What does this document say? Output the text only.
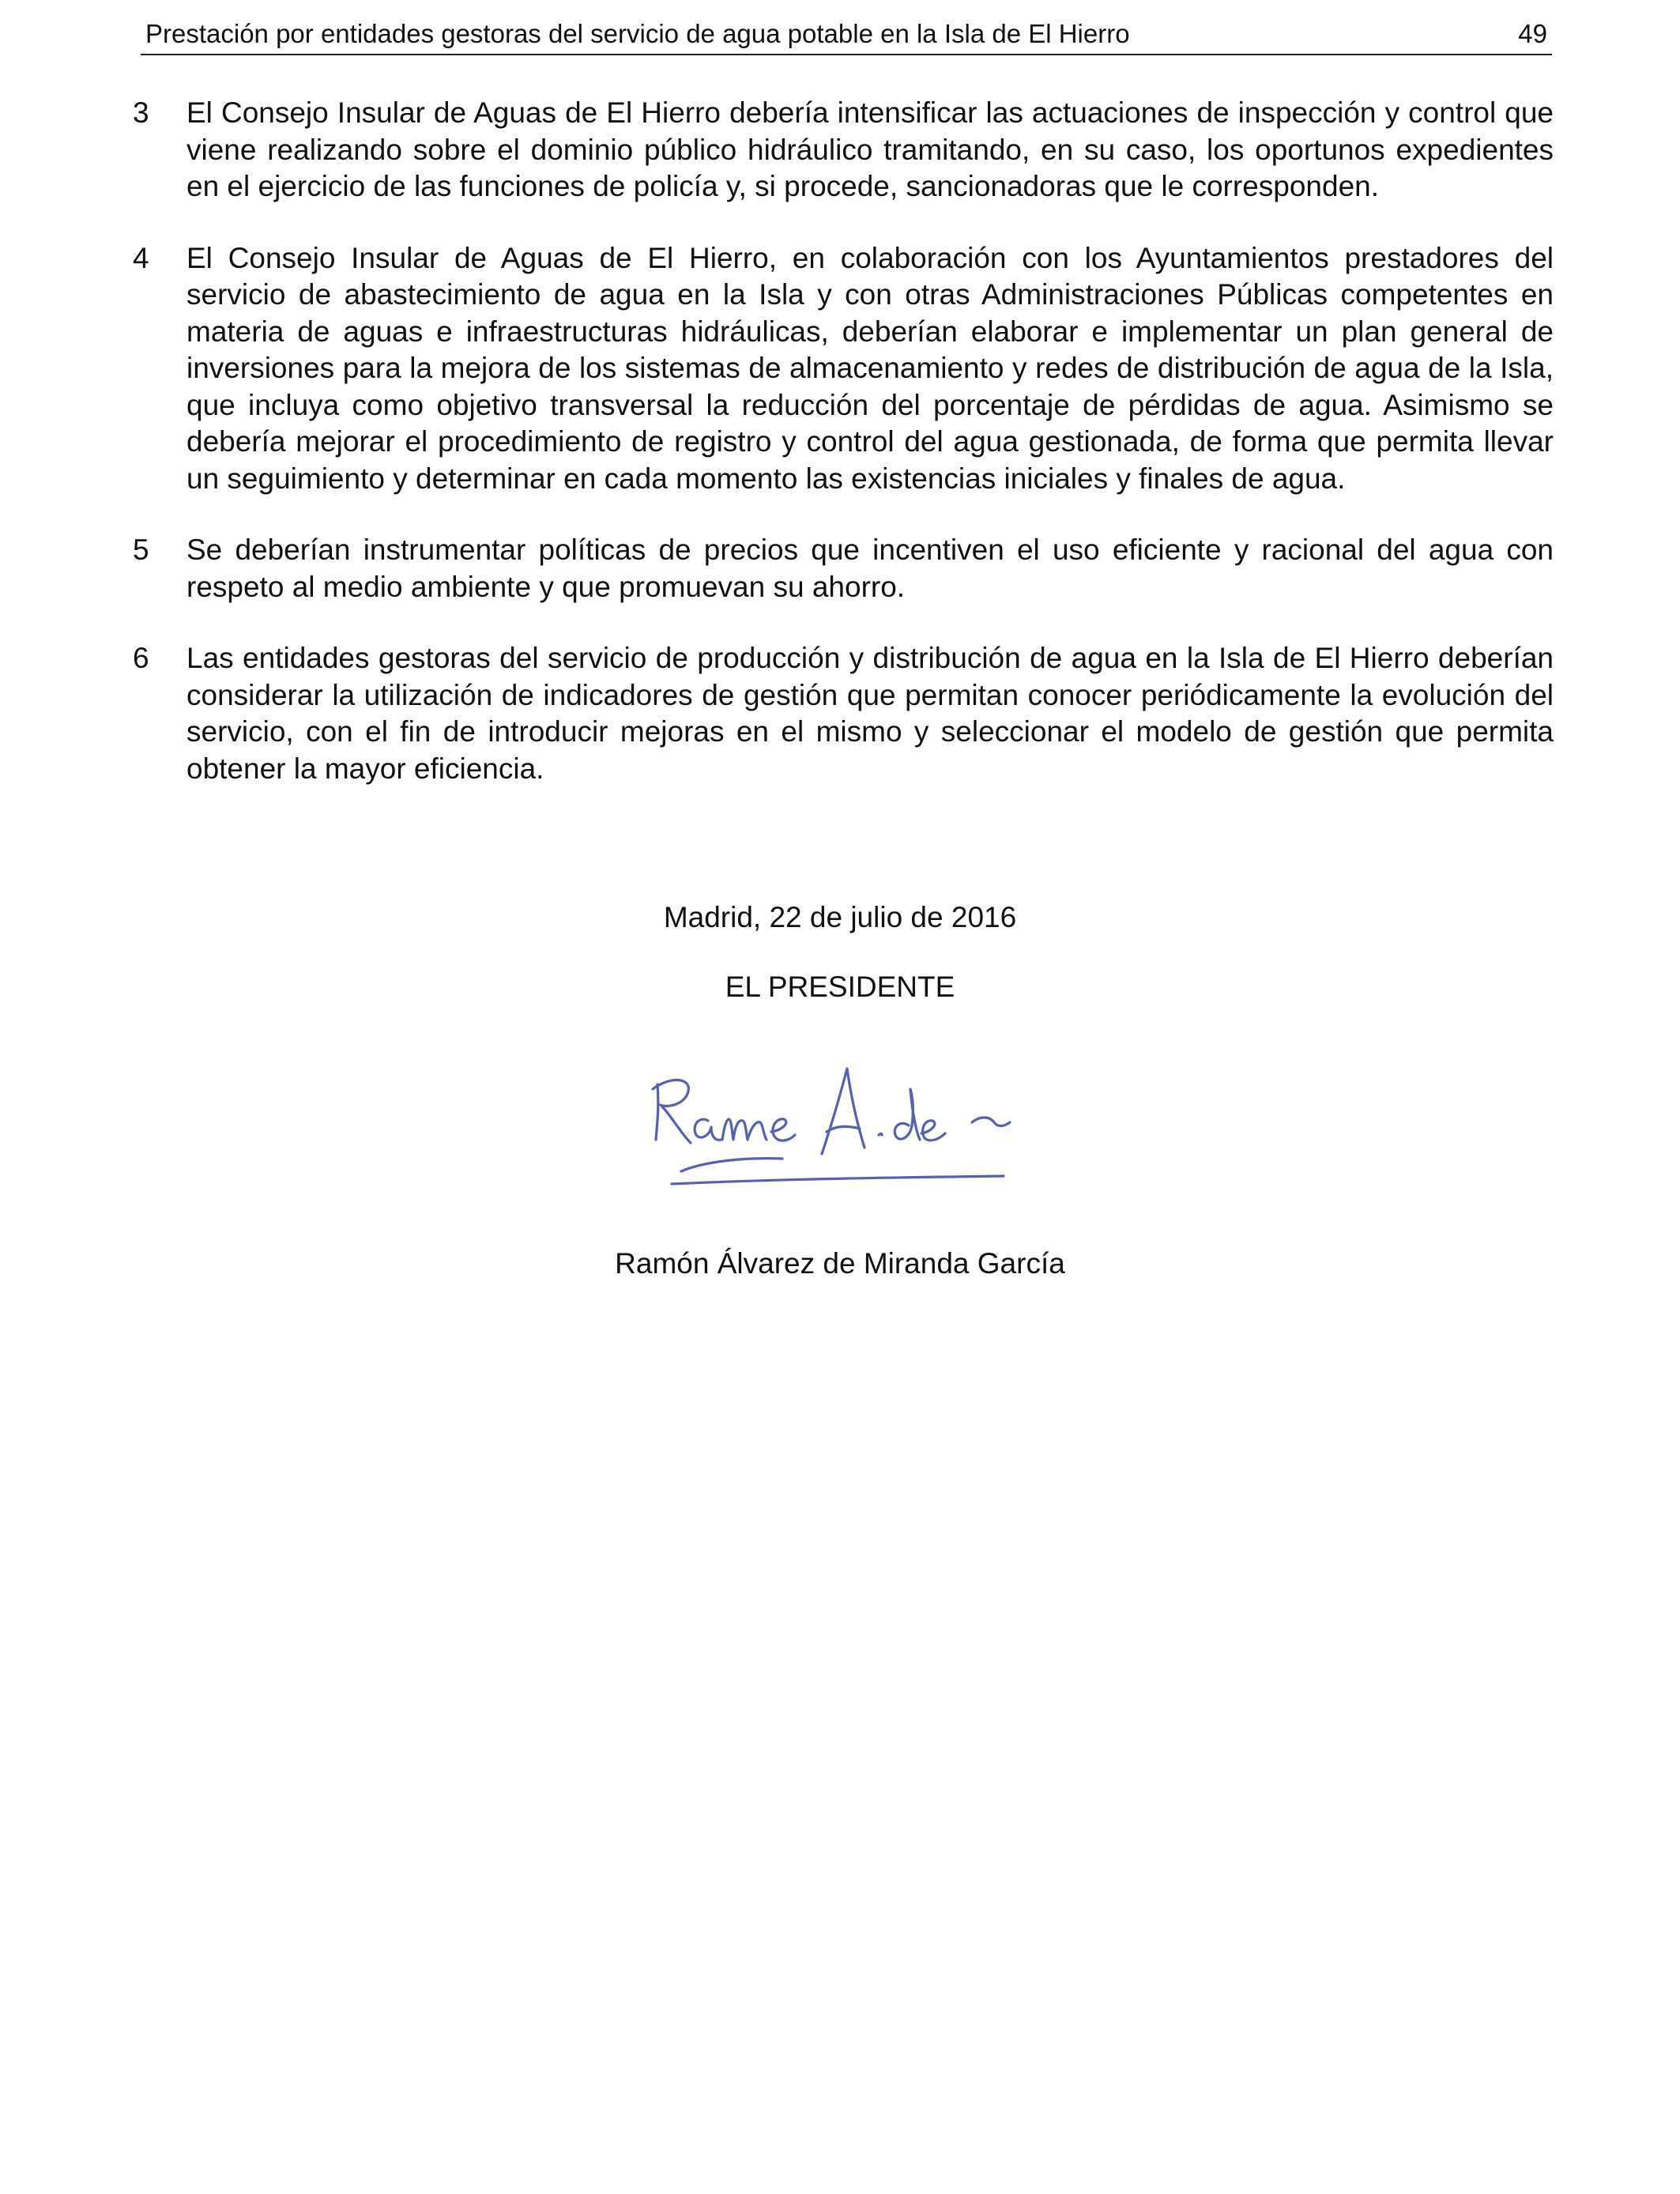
Prestación por entidades gestoras del servicio de agua potable en la Isla de El Hierro	49
3 El Consejo Insular de Aguas de El Hierro debería intensificar las actuaciones de inspección y control que viene realizando sobre el dominio público hidráulico tramitando, en su caso, los oportunos expedientes en el ejercicio de las funciones de policía y, si procede, sancionadoras que le corresponden.
4 El Consejo Insular de Aguas de El Hierro, en colaboración con los Ayuntamientos prestadores del servicio de abastecimiento de agua en la Isla y con otras Administraciones Públicas competentes en materia de aguas e infraestructuras hidráulicas, deberían elaborar e implementar un plan general de inversiones para la mejora de los sistemas de almacenamiento y redes de distribución de agua de la Isla, que incluya como objetivo transversal la reducción del porcentaje de pérdidas de agua. Asimismo se debería mejorar el procedimiento de registro y control del agua gestionada, de forma que permita llevar un seguimiento y determinar en cada momento las existencias iniciales y finales de agua.
5 Se deberían instrumentar políticas de precios que incentiven el uso eficiente y racional del agua con respeto al medio ambiente y que promuevan su ahorro.
6 Las entidades gestoras del servicio de producción y distribución de agua en la Isla de El Hierro deberían considerar la utilización de indicadores de gestión que permitan conocer periódicamente la evolución del servicio, con el fin de introducir mejoras en el mismo y seleccionar el modelo de gestión que permita obtener la mayor eficiencia.
Madrid, 22 de julio de 2016
EL PRESIDENTE
Ramón Álvarez de Miranda García
